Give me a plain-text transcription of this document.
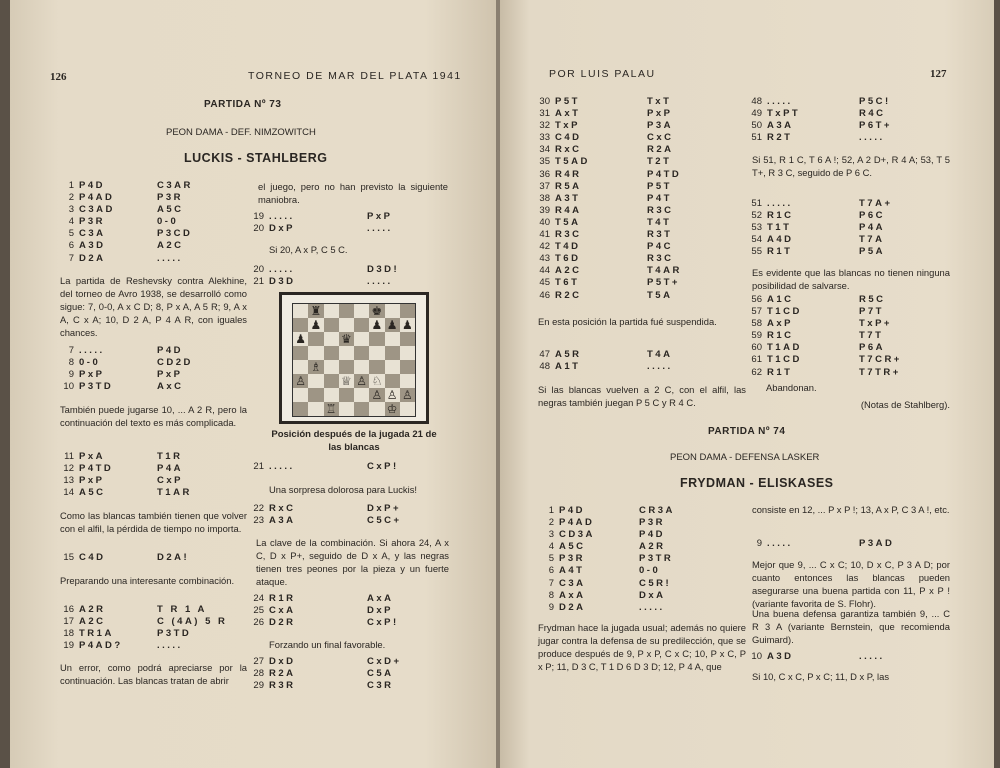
126	TORNEO DE MAR DEL PLATA 1941
PARTIDA Nº 73
PEON DAMA - DEF. NIMZOWITCH
LUCKIS - STAHLBERG
1 P4D	C3AR
2 P4AD	P3R
3 C3AD	A5C
4 P3R	0-0
5 C3A	P3CD
6 A3D	A2C
7 D2A	.....
La partida de Reshevsky contra Alekhine, del torneo de Avro 1938, se desarrolló como sigue: 7, 0-0, A x C D; 8, P x A, A 5 R; 9, A x A, C x A; 10, D 2 A, P 4 A R, con iguales chances.
7 .....	P4D
8 0-0	CD2D
9 PxP	PxP
10 P3TD	AxC
También puede jugarse 10, ... A 2 R, pero la continuación del texto es más complicada.
11 PxA	T1R
12 P4TD	P4A
13 PxP	CxP
14 A5C	T1AR
Como las blancas también tienen que volver con el alfil, la pérdida de tiempo no importa.
15 C4D	D2A!
Preparando una interesante combinación.
16 A2R	T R 1 A
17 A2C	C (4A) 5 R
18 TR1A	P3TD
19 P4AD?	.....
Un error, como podrá apreciarse por la continuación. Las blancas tratan de abrir
el juego, pero no han previsto la siguiente maniobra.
19 .....	PxP
20 DxP	.....
Si 20, A x P, C 5 C.
20 .....	D3D!
21 D3D	.....
♜	♚
♟	♟ ♟ ♟
♟	♛
♗
♙	♕ ♙ ♘
♙ ♙ ♙
♖	♔
Posición después de la jugada 21 de
las blancas
21 .....	CxP!
Una sorpresa dolorosa para Luckis!
22 RxC	DxP+
23 A3A	C5C+
La clave de la combinación. Si ahora 24, A x C, D x P+, seguido de D x A, y las negras tienen tres peones por la pieza y un fuerte ataque.
24 R1R	AxA
25 CxA	DxP
26 D2R	CxP!
Forzando un final favorable.
27 DxD	CxD+
28 R2A	C5A
29 R3R	C3R
POR LUIS PALAU	127
30 P5T	TxT
31 AxT	PxP
32 TxP	P3A
33 C4D	CxC
34 RxC	R2A
35 T5AD	T2T
36 R4R	P4TD
37 R5A	P5T
38 A3T	P4T
39 R4A	R3C
40 T5A	T4T
41 R3C	R3T
42 T4D	P4C
43 T6D	R3C
44 A2C	T4AR
45 T6T	P5T+
46 R2C	T5A
En esta posición la partida fué suspendida.
47 A5R	T4A
48 A1T	.....
Si las blancas vuelven a 2 C, con el alfil, las negras también juegan P 5 C y R 4 C.
48 .....	P5C!
49 TxPT	R4C
50 A3A	P6T+
51 R2T	.....
Si 51, R 1 C, T 6 A !; 52, A 2 D+, R 4 A; 53, T 5 T+, R 3 C, seguido de P 6 C.
51 .....	T7A+
52 R1C	P6C
53 T1T	P4A
54 A4D	T7A
55 R1T	P5A
Es evidente que las blancas no tienen ninguna posibilidad de salvarse.
56 A1C	R5C
57 T1CD	P7T
58 AxP	TxP+
59 R1C	T7T
60 T1AD	P6A
61 T1CD	T7CR+
62 R1T	T7TR+
Abandonan.
(Notas de Stahlberg).
PARTIDA Nº 74
PEON DAMA - DEFENSA LASKER
FRYDMAN - ELISKASES
1 P4D	CR3A
2 P4AD	P3R
3 CD3A	P4D
4 A5C	A2R
5 P3R	P3TR
6 A4T	0-0
7 C3A	C5R!
8 AxA	DxA
9 D2A	.....
Frydman hace la jugada usual; además no quiere jugar contra la defensa de su predilección, que se produce después de 9, P x P, C x C; 10, P x C, P x P; 11, D 3 C, T 1 D 6 D 3 D; 12, P 4 A, que
consiste en 12, ... P x P !; 13, A x P, C 3 A !, etc.
9 .....	P3AD
Mejor que 9, ... C x C; 10, D x C, P 3 A D; por cuanto entonces las blancas pueden asegurarse una buena partida con 11, P x P ! (variante favorita de S. Flohr).
Una buena defensa garantiza también 9, ... C R 3 A (variante Bernstein, que recomienda Guimard).
10 A3D	.....
Si 10, C x C, P x C; 11, D x P, las
